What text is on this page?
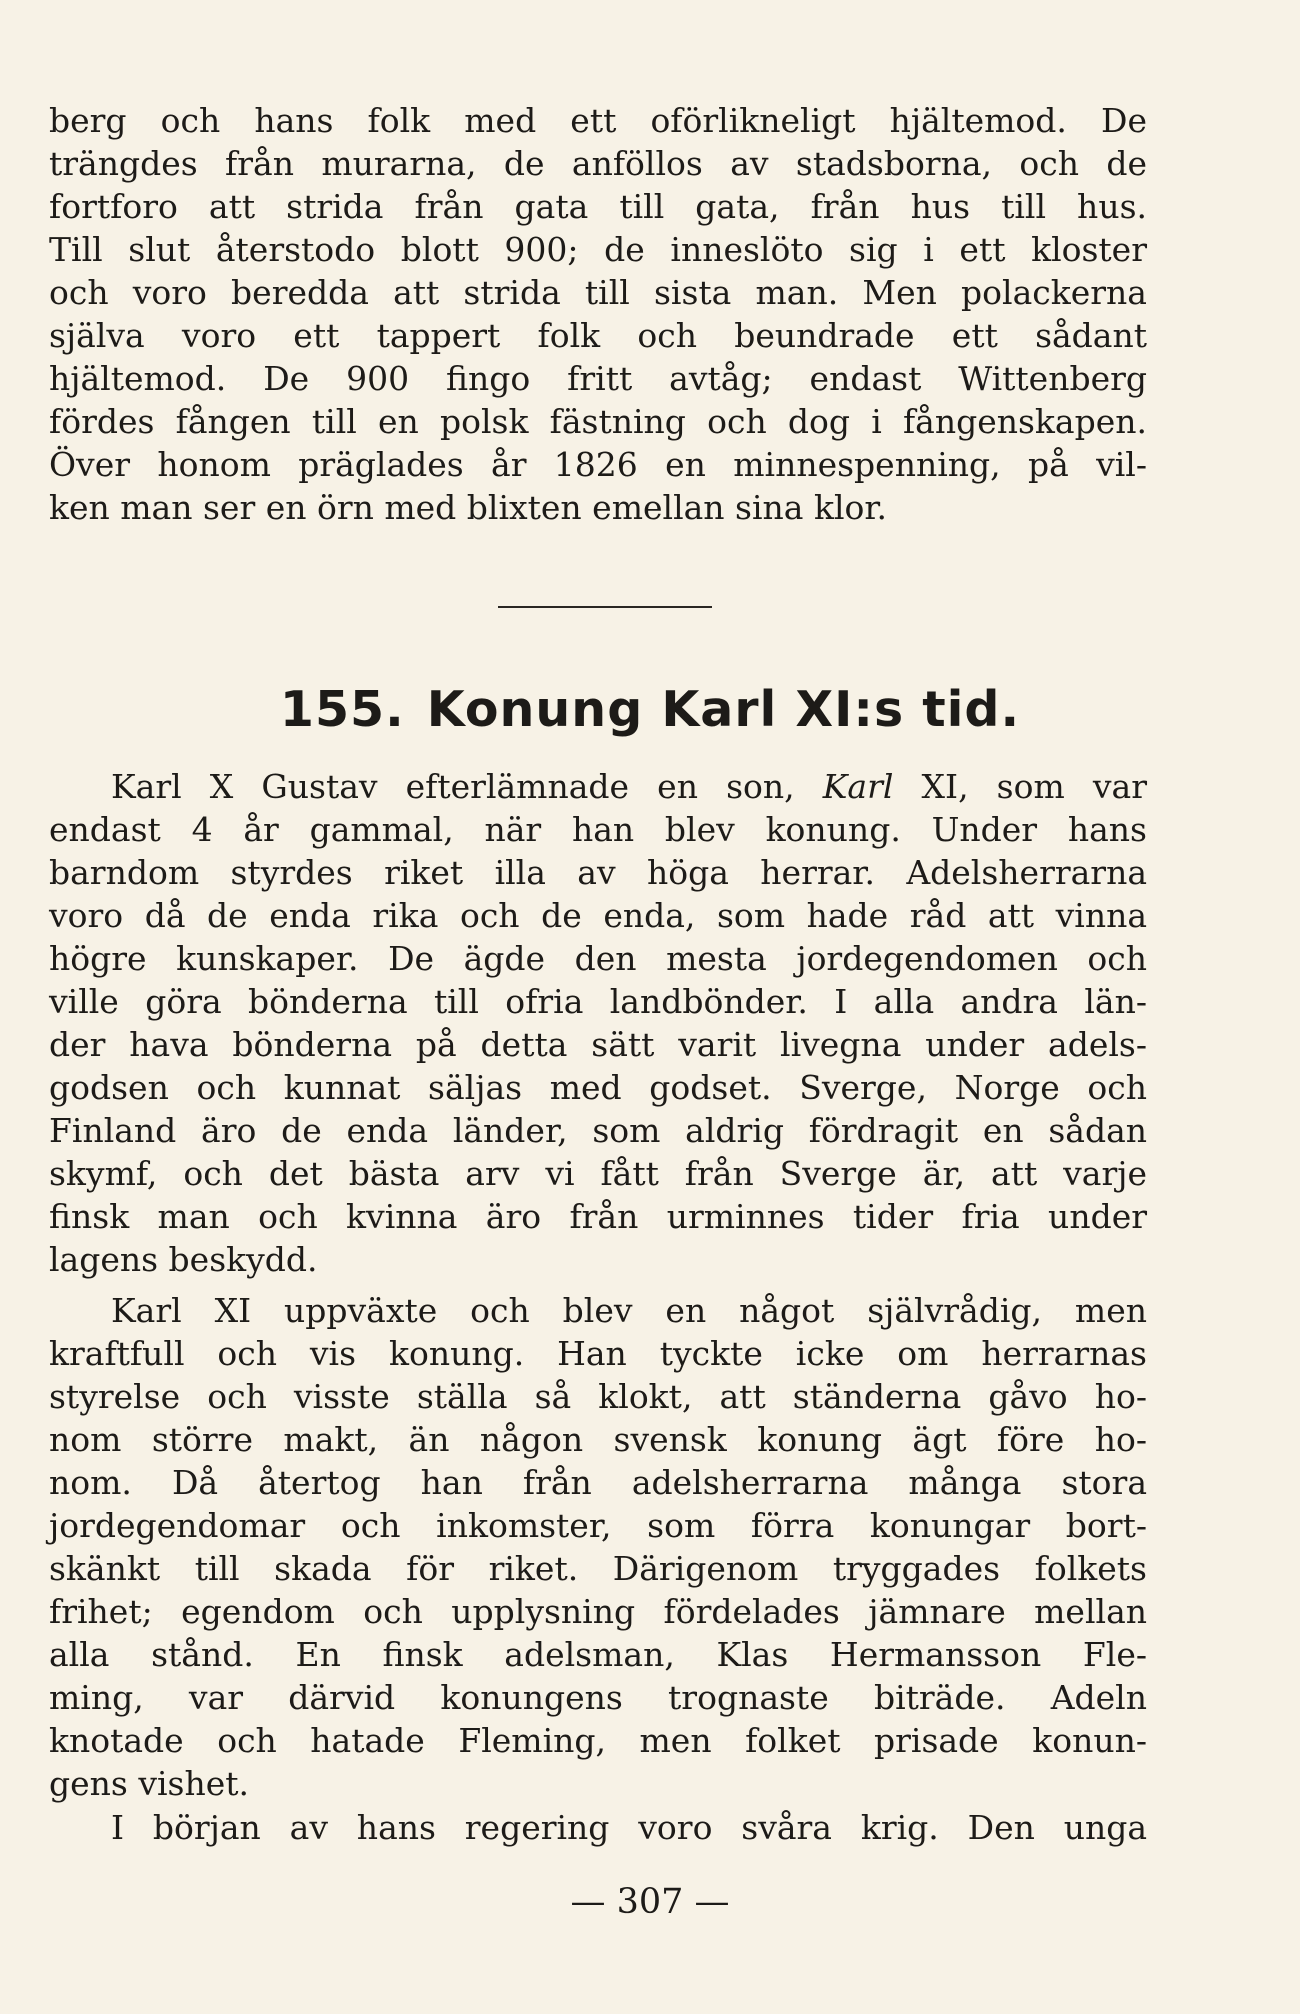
berg och hans folk med ett oförlikneligt hjältemod. De
trängdes från murarna, de anföllos av stadsborna, och de
fortforo att strida från gata till gata, från hus till hus.
Till slut återstodo blott 900; de inneslöto sig i ett kloster
och voro beredda att strida till sista man. Men polackerna
själva voro ett tappert folk och beundrade ett sådant
hjältemod. De 900 fingo fritt avtåg; endast Wittenberg
fördes fången till en polsk fästning och dog i fångenskapen.
Över honom präglades år 1826 en minnespenning, på vil-
ken man ser en örn med blixten emellan sina klor.
155. Konung Karl XI:s tid.
Karl X Gustav efterlämnade en son, Karl XI, som var
endast 4 år gammal, när han blev konung. Under hans
barndom styrdes riket illa av höga herrar. Adelsherrarna
voro då de enda rika och de enda, som hade råd att vinna
högre kunskaper. De ägde den mesta jordegendomen och
ville göra bönderna till ofria landbönder. I alla andra län-
der hava bönderna på detta sätt varit livegna under adels-
godsen och kunnat säljas med godset. Sverge, Norge och
Finland äro de enda länder, som aldrig fördragit en sådan
skymf, och det bästa arv vi fått från Sverge är, att varje
finsk man och kvinna äro från urminnes tider fria under
lagens beskydd.
Karl XI uppväxte och blev en något självrådig, men
kraftfull och vis konung. Han tyckte icke om herrarnas
styrelse och visste ställa så klokt, att ständerna gåvo ho-
nom större makt, än någon svensk konung ägt före ho-
nom. Då återtog han från adelsherrarna många stora
jordegendomar och inkomster, som förra konungar bort-
skänkt till skada för riket. Därigenom tryggades folkets
frihet; egendom och upplysning fördelades jämnare mellan
alla stånd. En finsk adelsman, Klas Hermansson Fle-
ming, var därvid konungens trognaste biträde. Adeln
knotade och hatade Fleming, men folket prisade konun-
gens vishet.
I början av hans regering voro svåra krig. Den unga
— 307 —
